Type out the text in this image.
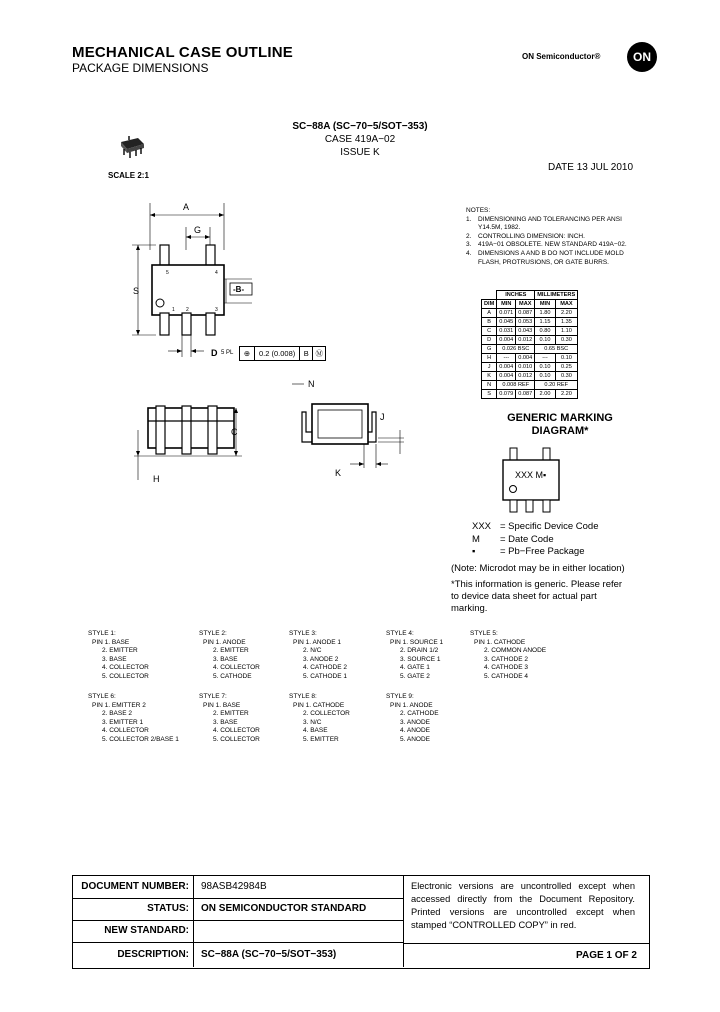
MECHANICAL CASE OUTLINE
PACKAGE DIMENSIONS
ON Semiconductor®	ON
SC−88A (SC−70−5/SOT−353)
CASE 419A−02
ISSUE K
DATE 13 JUL 2010
SCALE 2:1
A
G
S	-B-
5	4
1 2	3
D 5 PL	⊕	0.2 (0.008)	B Ⓜ
C
H
N
K
J
NOTES:
1.	DIMENSIONING AND TOLERANCING PER ANSI Y14.5M, 1982.
2.	CONTROLLING DIMENSION: INCH.
3.	419A−01 OBSOLETE. NEW STANDARD 419A−02.
4.	DIMENSIONS A AND B DO NOT INCLUDE MOLD FLASH, PROTRUSIONS, OR GATE BURRS.
	INCHES		MILLIMETERS	
DIM	MIN	MAX	MIN	MAX
A	0.071	0.087	1.80	2.20
B	0.045	0.053	1.15	1.35
C	0.031	0.043	0.80	1.10
D	0.004	0.012	0.10	0.30
G	0.026 BSC		0.65 BSC	
H	---	0.004	---	0.10
J	0.004	0.010	0.10	0.25
K	0.004	0.012	0.10	0.30
N	0.008 REF		0.20 REF	
S	0.079	0.087	2.00	2.20
GENERIC MARKING
DIAGRAM*
XXX M▪
XXX = Specific Device Code
M	= Date Code
▪	= Pb−Free Package
(Note: Microdot may be in either location)
*This information is generic. Please refer to device data sheet for actual part marking.
STYLE 1:
PIN 1. BASE
2. EMITTER
3. BASE
4. COLLECTOR
5. COLLECTOR
STYLE 2:
PIN 1. ANODE
2. EMITTER
3. BASE
4. COLLECTOR
5. CATHODE
STYLE 3:
PIN 1. ANODE 1
2. N/C
3. ANODE 2
4. CATHODE 2
5. CATHODE 1
STYLE 4:
PIN 1. SOURCE 1
2. DRAIN 1/2
3. SOURCE 1
4. GATE 1
5. GATE 2
STYLE 5:
PIN 1. CATHODE
2. COMMON ANODE
3. CATHODE 2
4. CATHODE 3
5. CATHODE 4
STYLE 6:
PIN 1. EMITTER 2
2. BASE 2
3. EMITTER 1
4. COLLECTOR
5. COLLECTOR 2/BASE 1
STYLE 7:
PIN 1. BASE
2. EMITTER
3. BASE
4. COLLECTOR
5. COLLECTOR
STYLE 8:
PIN 1. CATHODE
2. COLLECTOR
3. N/C
4. BASE
5. EMITTER
STYLE 9:
PIN 1. ANODE
2. CATHODE
3. ANODE
4. ANODE
5. ANODE
DOCUMENT NUMBER:	98ASB42984B
STATUS:	ON SEMICONDUCTOR STANDARD
NEW STANDARD:
DESCRIPTION:	SC−88A (SC−70−5/SOT−353)
Electronic versions are uncontrolled except when accessed directly from the Document Repository. Printed versions are uncontrolled except when stamped “CONTROLLED COPY” in red.
PAGE 1 OF 2
